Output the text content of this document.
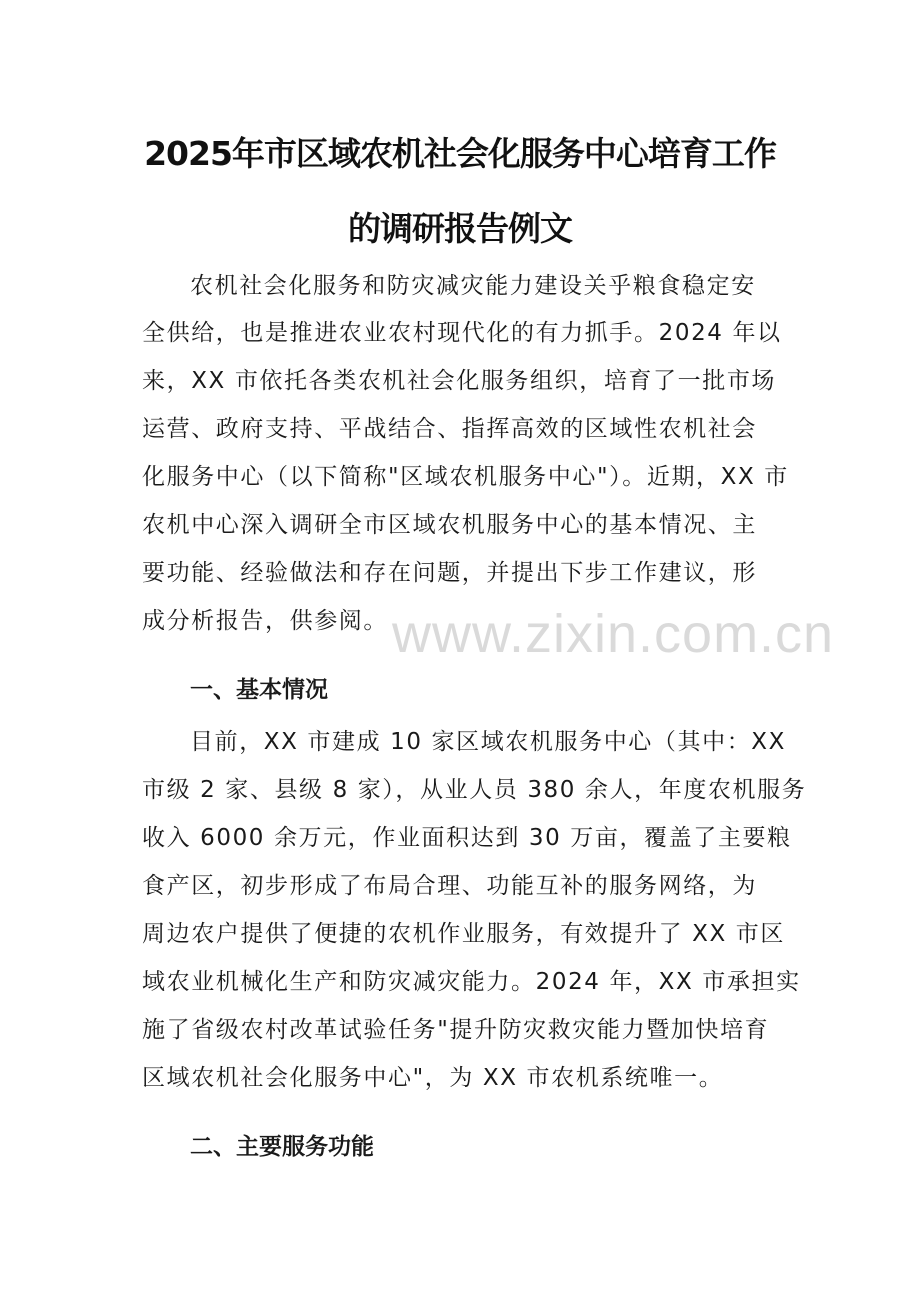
2025年市区域农机社会化服务中心培育工作
的调研报告例文
农机社会化服务和防灾减灾能力建设关乎粮食稳定安
全供给，也是推进农业农村现代化的有力抓手。2024 年以
来，XX 市依托各类农机社会化服务组织，培育了一批市场
运营、政府支持、平战结合、指挥高效的区域性农机社会
化服务中心（以下简称"区域农机服务中心"）。近期，XX 市
农机中心深入调研全市区域农机服务中心的基本情况、主
要功能、经验做法和存在问题，并提出下步工作建议，形
成分析报告，供参阅。 www.zixin.com.cn
一、基本情况
目前，XX 市建成 10 家区域农机服务中心（其中：XX
市级 2 家、县级 8 家），从业人员 380 余人，年度农机服务
收入 6000 余万元，作业面积达到 30 万亩，覆盖了主要粮
食产区，初步形成了布局合理、功能互补的服务网络，为
周边农户提供了便捷的农机作业服务，有效提升了 XX 市区
域农业机械化生产和防灾减灾能力。2024 年，XX 市承担实
施了省级农村改革试验任务"提升防灾救灾能力暨加快培育
区域农机社会化服务中心"，为 XX 市农机系统唯一。
二、主要服务功能
